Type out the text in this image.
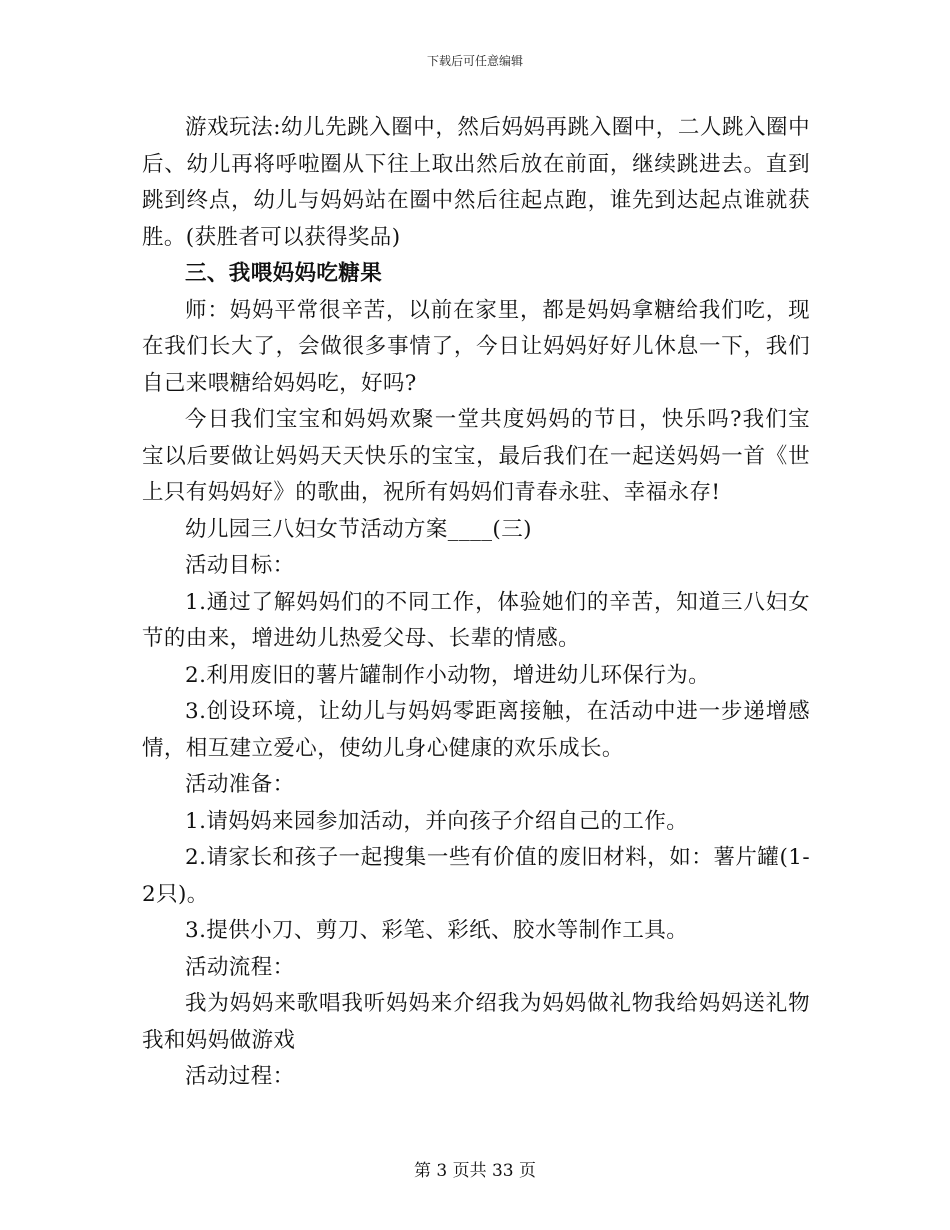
下载后可任意编辑

游戏玩法:幼儿先跳入圈中，然后妈妈再跳入圈中，二人跳入圈中后、幼儿再将呼啦圈从下往上取出然后放在前面，继续跳进去。直到跳到终点，幼儿与妈妈站在圈中然后往起点跑，谁先到达起点谁就获胜。(获胜者可以获得奖品)

三、我喂妈妈吃糖果

师：妈妈平常很辛苦，以前在家里，都是妈妈拿糖给我们吃，现在我们长大了，会做很多事情了，今日让妈妈好好儿休息一下，我们自己来喂糖给妈妈吃，好吗?

今日我们宝宝和妈妈欢聚一堂共度妈妈的节日，快乐吗?我们宝宝以后要做让妈妈天天快乐的宝宝，最后我们在一起送妈妈一首《世上只有妈妈好》的歌曲，祝所有妈妈们青春永驻、幸福永存!

幼儿园三八妇女节活动方案____(三)

活动目标：

1.通过了解妈妈们的不同工作，体验她们的辛苦，知道三八妇女节的由来，增进幼儿热爱父母、长辈的情感。

2.利用废旧的薯片罐制作小动物，增进幼儿环保行为。

3.创设环境，让幼儿与妈妈零距离接触，在活动中进一步递增感情，相互建立爱心，使幼儿身心健康的欢乐成长。

活动准备：

1.请妈妈来园参加活动，并向孩子介绍自己的工作。

2.请家长和孩子一起搜集一些有价值的废旧材料，如：薯片罐(1-2只)。

3.提供小刀、剪刀、彩笔、彩纸、胶水等制作工具。

活动流程：

我为妈妈来歌唱我听妈妈来介绍我为妈妈做礼物我给妈妈送礼物我和妈妈做游戏

活动过程：

第 3 页共 33 页
